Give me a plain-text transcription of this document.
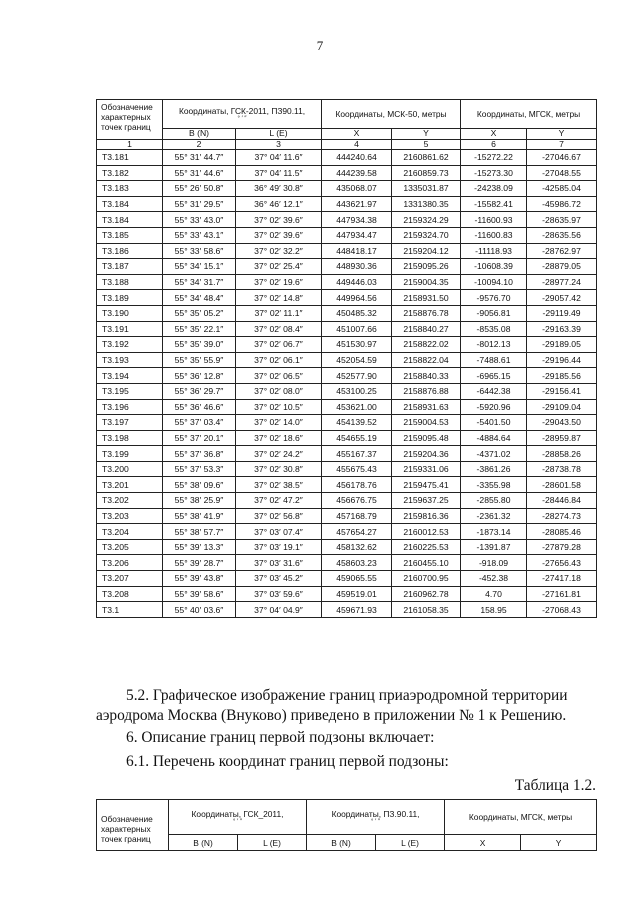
7
Обозначение характерных точек границ	Координаты, ГСК-2011, ПЗ90.11,
° ′ ″		Координаты, МСК-50, метры		Координаты, МГСК, метры	
	B (N)	L (E)	X	Y	X	Y
1	2	3	4	5	6	7
Т3.181	55° 31′ 44.7″	37° 04′ 11.6″	444240.64	2160861.62	-15272.22	-27046.67
Т3.182	55° 31′ 44.6″	37° 04′ 11.5″	444239.58	2160859.73	-15273.30	-27048.55
Т3.183	55° 26′ 50.8″	36° 49′ 30.8″	435068.07	1335031.87	-24238.09	-42585.04
Т3.184	55° 31′ 29.5″	36° 46′ 12.1″	443621.97	1331380.35	-15582.41	-45986.72
Т3.184	55° 33′ 43.0″	37° 02′ 39.6″	447934.38	2159324.29	-11600.93	-28635.97
Т3.185	55° 33′ 43.1″	37° 02′ 39.6″	447934.47	2159324.70	-11600.83	-28635.56
Т3.186	55° 33′ 58.6″	37° 02′ 32.2″	448418.17	2159204.12	-11118.93	-28762.97
Т3.187	55° 34′ 15.1″	37° 02′ 25.4″	448930.36	2159095.26	-10608.39	-28879.05
Т3.188	55° 34′ 31.7″	37° 02′ 19.6″	449446.03	2159004.35	-10094.10	-28977.24
Т3.189	55° 34′ 48.4″	37° 02′ 14.8″	449964.56	2158931.50	-9576.70	-29057.42
Т3.190	55° 35′ 05.2″	37° 02′ 11.1″	450485.32	2158876.78	-9056.81	-29119.49
Т3.191	55° 35′ 22.1″	37° 02′ 08.4″	451007.66	2158840.27	-8535.08	-29163.39
Т3.192	55° 35′ 39.0″	37° 02′ 06.7″	451530.97	2158822.02	-8012.13	-29189.05
Т3.193	55° 35′ 55.9″	37° 02′ 06.1″	452054.59	2158822.04	-7488.61	-29196.44
Т3.194	55° 36′ 12.8″	37° 02′ 06.5″	452577.90	2158840.33	-6965.15	-29185.56
Т3.195	55° 36′ 29.7″	37° 02′ 08.0″	453100.25	2158876.88	-6442.38	-29156.41
Т3.196	55° 36′ 46.6″	37° 02′ 10.5″	453621.00	2158931.63	-5920.96	-29109.04
Т3.197	55° 37′ 03.4″	37° 02′ 14.0″	454139.52	2159004.53	-5401.50	-29043.50
Т3.198	55° 37′ 20.1″	37° 02′ 18.6″	454655.19	2159095.48	-4884.64	-28959.87
Т3.199	55° 37′ 36.8″	37° 02′ 24.2″	455167.37	2159204.36	-4371.02	-28858.26
Т3.200	55° 37′ 53.3″	37° 02′ 30.8″	455675.43	2159331.06	-3861.26	-28738.78
Т3.201	55° 38′ 09.6″	37° 02′ 38.5″	456178.76	2159475.41	-3355.98	-28601.58
Т3.202	55° 38′ 25.9″	37° 02′ 47.2″	456676.75	2159637.25	-2855.80	-28446.84
Т3.203	55° 38′ 41.9″	37° 02′ 56.8″	457168.79	2159816.36	-2361.32	-28274.73
Т3.204	55° 38′ 57.7″	37° 03′ 07.4″	457654.27	2160012.53	-1873.14	-28085.46
Т3.205	55° 39′ 13.3″	37° 03′ 19.1″	458132.62	2160225.53	-1391.87	-27879.28
Т3.206	55° 39′ 28.7″	37° 03′ 31.6″	458603.23	2160455.10	-918.09	-27656.43
Т3.207	55° 39′ 43.8″	37° 03′ 45.2″	459065.55	2160700.95	-452.38	-27417.18
Т3.208	55° 39′ 58.6″	37° 03′ 59.6″	459519.01	2160962.78	4.70	-27161.81
Т3.1	55° 40′ 03.6″	37° 04′ 04.9″	459671.93	2161058.35	158.95	-27068.43
5.2. Графическое изображение границ приаэродромной территории
аэродрома Москва (Внуково) приведено в приложении № 1 к Решению.
6. Описание границ первой подзоны включает:
6.1. Перечень координат границ первой подзоны:
Таблица 1.2.
Обозначение характерных точек границ	Координаты, ГСК_2011,
° ′ ″		Координаты, ПЗ.90.11,
° ′ ″		Координаты, МГСК, метры	
	B (N)	L (E)	B (N)	L (E)	X	Y
